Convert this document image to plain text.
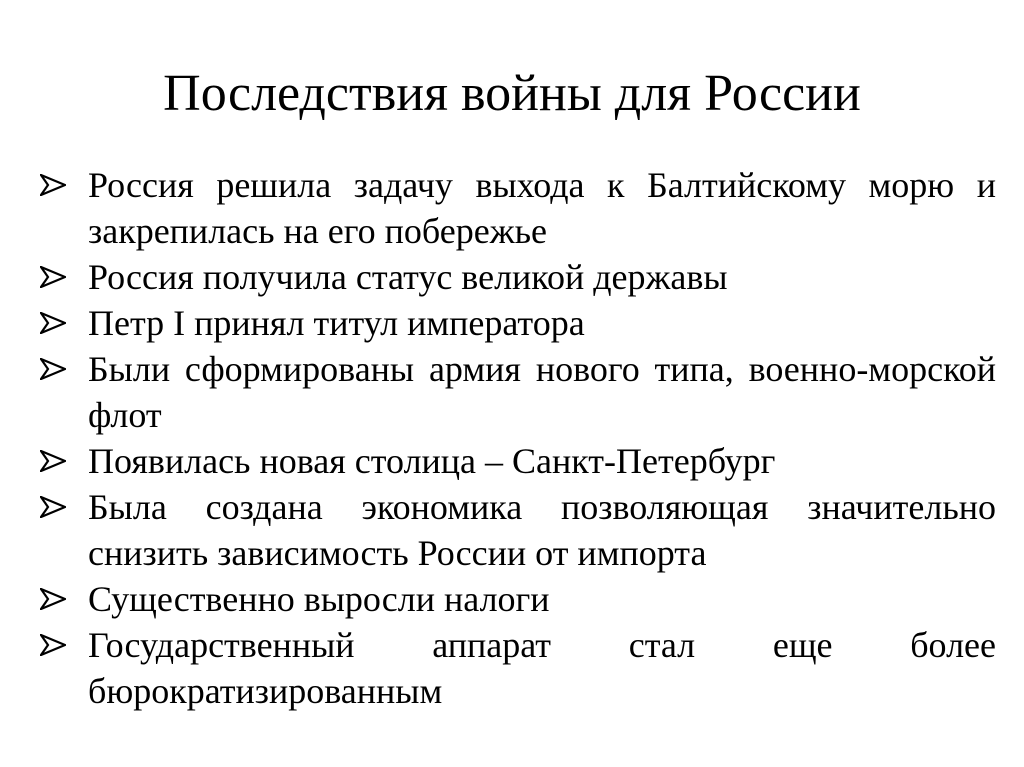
Последствия войны для России
Россия решила задачу выхода к Балтийскому морю и закрепилась на его побережье
Россия получила статус великой державы
Петр I принял титул императора
Были сформированы армия нового типа, военно-морской флот
Появилась новая столица – Санкт-Петербург
Была создана экономика позволяющая значительно снизить зависимость России от импорта
Существенно выросли налоги
Государственный аппарат стал еще более бюрократизированным
